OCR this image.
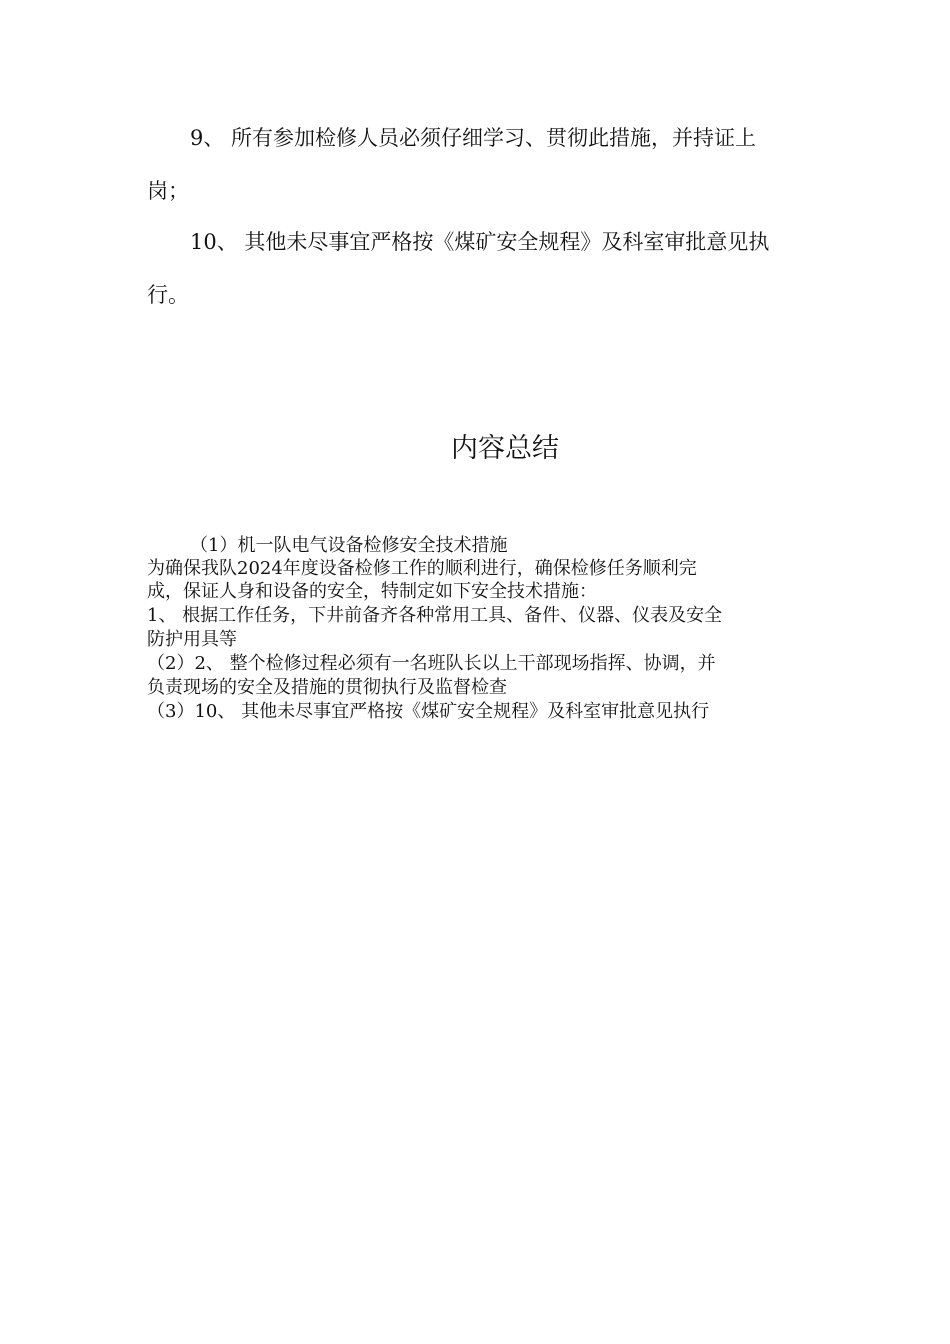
9、 所有参加检修人员必须仔细学习、贯彻此措施，并持证上
岗；
10、 其他未尽事宜严格按《煤矿安全规程》及科室审批意见执
行。
内容总结
（1）机一队电气设备检修安全技术措施
为确保我队2024年度设备检修工作的顺利进行，确保检修任务顺利完
成，保证人身和设备的安全，特制定如下安全技术措施：
1、 根据工作任务，下井前备齐各种常用工具、备件、仪器、仪表及安全
防护用具等
（2）2、 整个检修过程必须有一名班队长以上干部现场指挥、协调，并
负责现场的安全及措施的贯彻执行及监督检查
（3）10、 其他未尽事宜严格按《煤矿安全规程》及科室审批意见执行
